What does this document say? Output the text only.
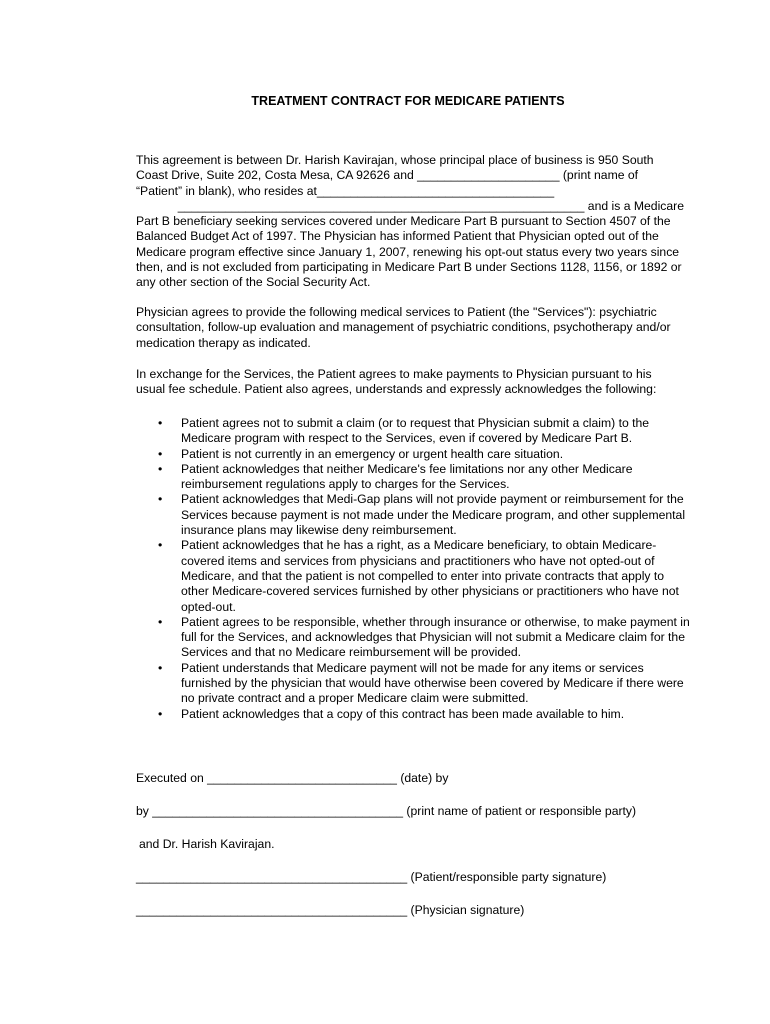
TREATMENT CONTRACT FOR MEDICARE PATIENTS

This agreement is between Dr. Harish Kavirajan, whose principal place of business is 950 South
Coast Drive, Suite 202, Costa Mesa, CA 92626 and _____________________ (print name of
“Patient” in blank), who resides at___________________________________
____________________________________________________________ and is a Medicare
Part B beneficiary seeking services covered under Medicare Part B pursuant to Section 4507 of the Balanced Budget Act of 1997. The Physician has informed Patient that Physician opted out of the Medicare program effective since January 1, 2007, renewing his opt-out status every two years since then, and is not excluded from participating in Medicare Part B under Sections 1128, 1156, or 1892 or any other section of the Social Security Act.

Physician agrees to provide the following medical services to Patient (the "Services"): psychiatric consultation, follow-up evaluation and management of psychiatric conditions, psychotherapy and/or medication therapy as indicated.

In exchange for the Services, the Patient agrees to make payments to Physician pursuant to his usual fee schedule. Patient also agrees, understands and expressly acknowledges the following:

• Patient agrees not to submit a claim (or to request that Physician submit a claim) to the Medicare program with respect to the Services, even if covered by Medicare Part B.
• Patient is not currently in an emergency or urgent health care situation.
• Patient acknowledges that neither Medicare's fee limitations nor any other Medicare reimbursement regulations apply to charges for the Services.
• Patient acknowledges that Medi-Gap plans will not provide payment or reimbursement for the Services because payment is not made under the Medicare program, and other supplemental insurance plans may likewise deny reimbursement.
• Patient acknowledges that he has a right, as a Medicare beneficiary, to obtain Medicare-covered items and services from physicians and practitioners who have not opted-out of Medicare, and that the patient is not compelled to enter into private contracts that apply to other Medicare-covered services furnished by other physicians or practitioners who have not opted-out.
• Patient agrees to be responsible, whether through insurance or otherwise, to make payment in full for the Services, and acknowledges that Physician will not submit a Medicare claim for the Services and that no Medicare reimbursement will be provided.
• Patient understands that Medicare payment will not be made for any items or services furnished by the physician that would have otherwise been covered by Medicare if there were no private contract and a proper Medicare claim were submitted.
• Patient acknowledges that a copy of this contract has been made available to him.
Executed on ____________________________ (date) by
by _____________________________________ (print name of patient or responsible party)
and Dr. Harish Kavirajan.
________________________________________ (Patient/responsible party signature)
________________________________________ (Physician signature)
